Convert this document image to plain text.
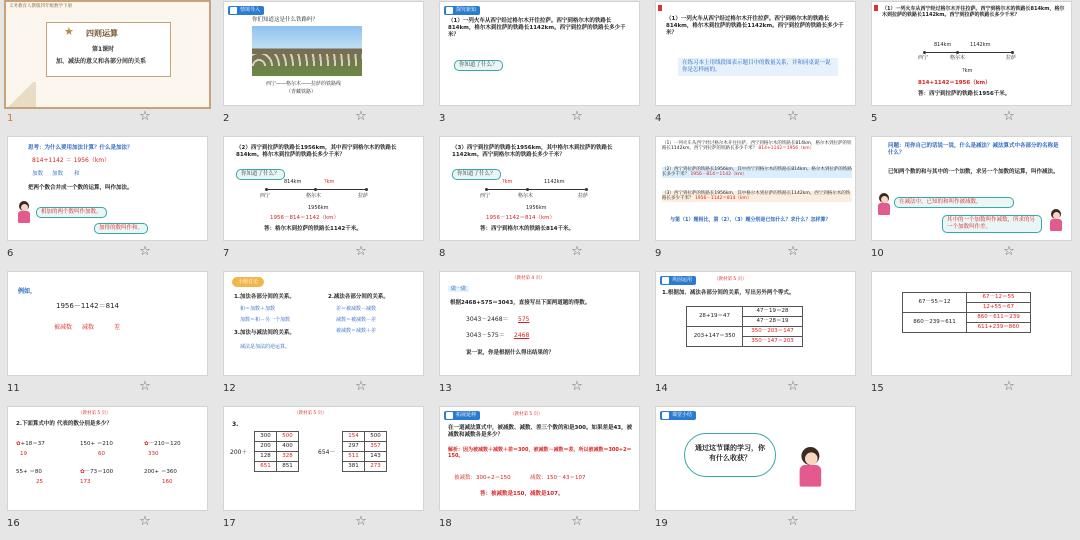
义务教育人教版四年级数学下册
★ 四则运算
第1课时
加、减法的意义和各部分间的关系
1	☆
情境导入
你们知道这是什么铁路吗？
西宁——格尔木——拉萨的铁路线
（青藏铁路）
2	☆
探究新知
（1）一列火车从西宁经过格尔木开往拉萨。西宁到格尔木的铁路长814km，格尔木到拉萨的铁路长1142km。西宁到拉萨的铁路长多少千米？
你知道了什么？
3	☆
（1）一列火车从西宁经过格尔木开往拉萨。西宁到格尔木的铁路长814km，格尔木到拉萨的铁路长1142km。西宁到拉萨的铁路长多少千米？
在练习本上用线段图表示题目中的数量关系，并和同桌说一说你是怎样画的。
4	☆
（1）一列火车从西宁经过格尔木开往拉萨。西宁到格尔木的铁路长814km，格尔木到拉萨的铁路长1142km。西宁到拉萨的铁路长多少千米？
814km	1142km
西宁	格尔木	拉萨
?km
814+1142＝1956（km）
答：西宁到拉萨的铁路长1956千米。
5	☆
思考：为什么要用加法计算？什么是加法？
814+1142 ＝ 1956（km）
加数 加数 和
把两个数合并成一个数的运算，叫作加法。
相加的两个数叫作加数。
加得的数叫作和。
6	☆
（2）西宁到拉萨的铁路长1956km，其中西宁到格尔木的铁路长814km。格尔木到拉萨的铁路长多少千米？
你知道了什么？
814km	?km
西宁	格尔木	拉萨
1956km
1956－814＝1142（km）
答：格尔木到拉萨的铁路长1142千米。
7	☆
（3）西宁到拉萨的铁路长1956km，其中格尔木到拉萨的铁路长1142km。西宁到格尔木的铁路长多少千米？
你知道了什么？
?km	1142km
西宁	格尔木	拉萨
1956km
1956－1142＝814（km）
答：西宁到格尔木的铁路长814千米。
8	☆
（1）一列火车从西宁经过格尔木开往拉萨。西宁到格尔木的铁路长814km，格尔木到拉萨的铁路长1142km。西宁到拉萨的铁路长多少千米？ 814+1142＝1956（km）
（2）西宁到拉萨的铁路长1956km，其中西宁到格尔木的铁路长814km。格尔木到拉萨的铁路长多少千米？ 1956－814＝1142（km）
（3）西宁到拉萨的铁路长1956km，其中格尔木到拉萨的铁路长1142km。西宁到格尔木的铁路长多少千米？ 1956－1142＝814（km）
与第（1）题相比，第（2）、（3）题分别是已知什么？求什么？怎样算？
9	☆
问题：用你自己的话说一说，什么是减法？减法算式中各部分的名称是什么？
已知两个数的和与其中的一个加数，求另一个加数的运算，叫作减法。
在减法中，已知的和叫作被减数，
其中的一个加数叫作减数，所求的另一个加数叫作差。
10	☆
例如，
1956－1142＝814
被减数 减数	差
11	☆
小组讨论
1.加法各部分间的关系。
和＝加数＋加数
加数＝和－另一个加数
2.减法各部分间的关系。
差＝被减数－减数
减数＝被减数－差
被减数＝减数＋差
3.加法与减法间的关系。
减法是加法的逆运算。
12	☆
（教材第 4 页）
做一做
根据2468+575＝3043，直接写出下面两道题的得数。
3043－2468＝ 575
3043－575＝ 2468
说一说，你是根据什么得出结果的？
13	☆
巩固运用	（教材第 5 页）
1.根据加、减法各部分间的关系，写出另外两个等式。
28+19＝47	47－19＝28
	47－28＝19
203+147＝350	350－203＝147
	350－147＝203
14	☆
67－55＝12	67－12＝55
	12+55＝67
860－239＝611	860－611＝239
	611+239＝860
15	☆
（教材第 5 页）
2.下面算式中的 代表的数分别是多少？
✿+18＝37
19
150+ ＝210
60
✿－210＝120
330
55+ ＝80
25
✿－73＝100
173
200+ ＝360
160
16	☆
（教材第 5 页）
3.
200＋
300	500
200	400
128	328
651	851
654－
154	500
297	357
511	143
381	273
17	☆
拓展延伸	（教材第 5 页）
在一道减法算式中，被减数、减数、差三个数的和是300。如果差是43，被减数和减数各是多少？
解析：因为被减数＋减数＋差＝300，被减数－减数＝差，所以被减数＝300÷2＝150。
被减数：300÷2＝150	减数：150－43＝107
答：被减数是150，减数是107。
18	☆
课堂小结
通过这节课的学习，你有什么收获？
19	☆
